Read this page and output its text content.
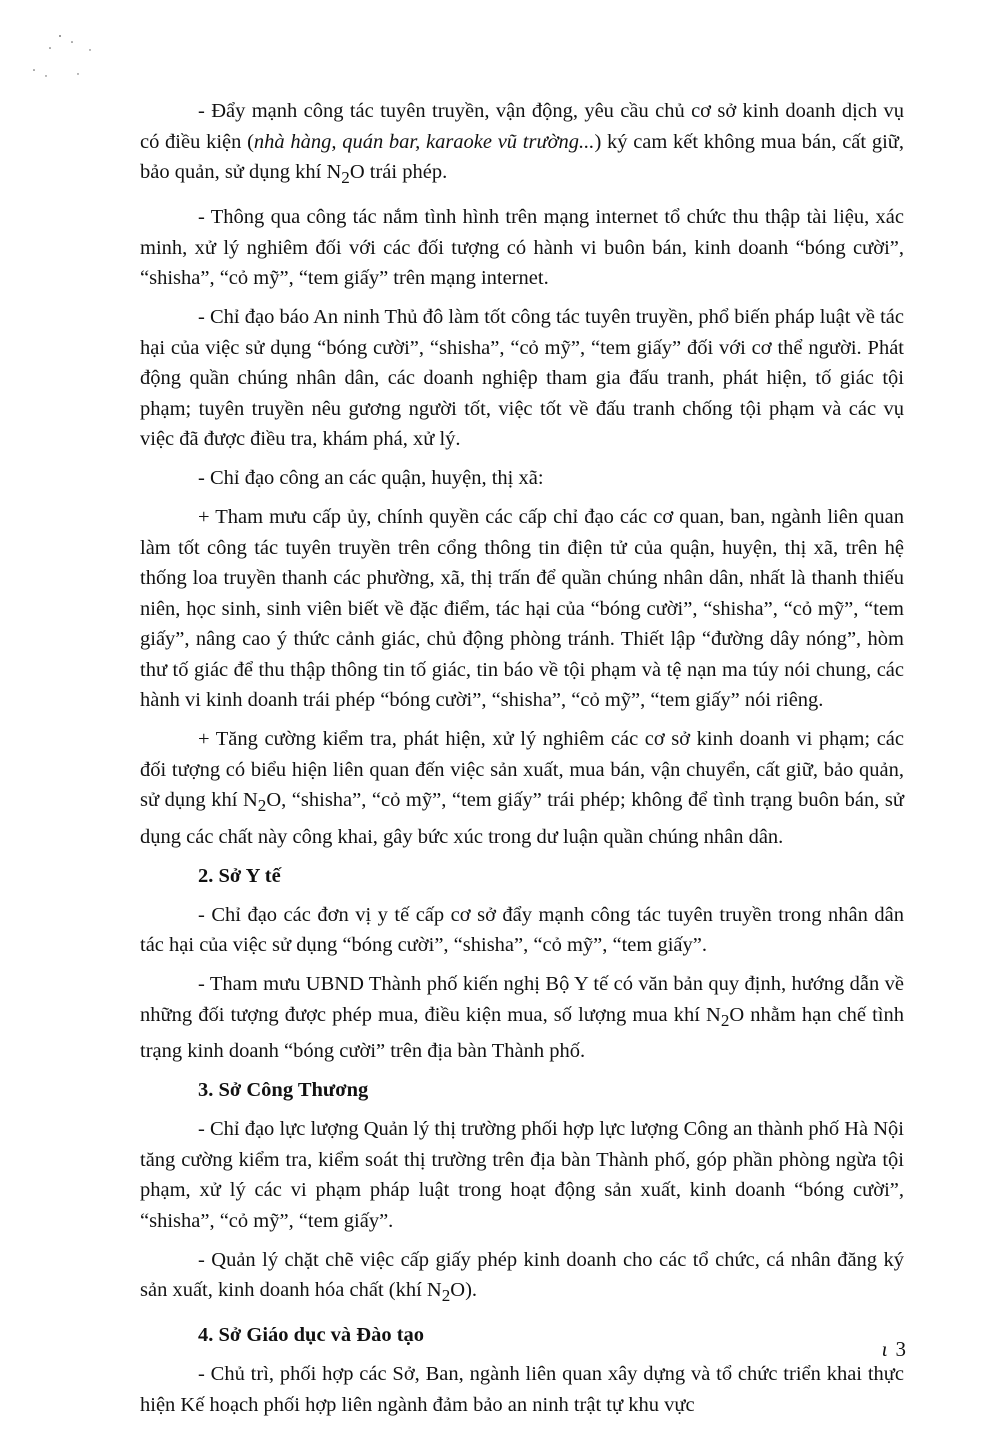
- Đẩy mạnh công tác tuyên truyền, vận động, yêu cầu chủ cơ sở kinh doanh dịch vụ có điều kiện (nhà hàng, quán bar, karaoke vũ trường...) ký cam kết không mua bán, cất giữ, bảo quản, sử dụng khí $N_2O$ trái phép.

- Thông qua công tác nắm tình hình trên mạng internet tổ chức thu thập tài liệu, xác minh, xử lý nghiêm đối với các đối tượng có hành vi buôn bán, kinh doanh “bóng cười”, “shisha”, “cỏ mỹ”, “tem giấy” trên mạng internet.

- Chỉ đạo báo An ninh Thủ đô làm tốt công tác tuyên truyền, phổ biến pháp luật về tác hại của việc sử dụng “bóng cười”, “shisha”, “cỏ mỹ”, “tem giấy” đối với cơ thể người. Phát động quần chúng nhân dân, các doanh nghiệp tham gia đấu tranh, phát hiện, tố giác tội phạm; tuyên truyền nêu gương người tốt, việc tốt về đấu tranh chống tội phạm và các vụ việc đã được điều tra, khám phá, xử lý.

- Chỉ đạo công an các quận, huyện, thị xã:

+ Tham mưu cấp ủy, chính quyền các cấp chỉ đạo các cơ quan, ban, ngành liên quan làm tốt công tác tuyên truyền trên cổng thông tin điện tử của quận, huyện, thị xã, trên hệ thống loa truyền thanh các phường, xã, thị trấn để quần chúng nhân dân, nhất là thanh thiếu niên, học sinh, sinh viên biết về đặc điểm, tác hại của “bóng cười”, “shisha”, “cỏ mỹ”, “tem giấy”, nâng cao ý thức cảnh giác, chủ động phòng tránh. Thiết lập “đường dây nóng”, hòm thư tố giác để thu thập thông tin tố giác, tin báo về tội phạm và tệ nạn ma túy nói chung, các hành vi kinh doanh trái phép “bóng cười”, “shisha”, “cỏ mỹ”, “tem giấy” nói riêng.

+ Tăng cường kiểm tra, phát hiện, xử lý nghiêm các cơ sở kinh doanh vi phạm; các đối tượng có biểu hiện liên quan đến việc sản xuất, mua bán, vận chuyển, cất giữ, bảo quản, sử dụng khí $N_2O$, “shisha”, “cỏ mỹ”, “tem giấy” trái phép; không để tình trạng buôn bán, sử dụng các chất này công khai, gây bức xúc trong dư luận quần chúng nhân dân.

2. Sở Y tế

- Chỉ đạo các đơn vị y tế cấp cơ sở đẩy mạnh công tác tuyên truyền trong nhân dân tác hại của việc sử dụng “bóng cười”, “shisha”, “cỏ mỹ”, “tem giấy”.

- Tham mưu UBND Thành phố kiến nghị Bộ Y tế có văn bản quy định, hướng dẫn về những đối tượng được phép mua, điều kiện mua, số lượng mua khí $N_2O$ nhằm hạn chế tình trạng kinh doanh “bóng cười” trên địa bàn Thành phố.

3. Sở Công Thương

- Chỉ đạo lực lượng Quản lý thị trường phối hợp lực lượng Công an thành phố Hà Nội tăng cường kiểm tra, kiểm soát thị trường trên địa bàn Thành phố, góp phần phòng ngừa tội phạm, xử lý các vi phạm pháp luật trong hoạt động sản xuất, kinh doanh “bóng cười”, “shisha”, “cỏ mỹ”, “tem giấy”.

- Quản lý chặt chẽ việc cấp giấy phép kinh doanh cho các tổ chức, cá nhân đăng ký sản xuất, kinh doanh hóa chất (khí $N_2O$).

4. Sở Giáo dục và Đào tạo

- Chủ trì, phối hợp các Sở, Ban, ngành liên quan xây dựng và tổ chức triển khai thực hiện Kế hoạch phối hợp liên ngành đảm bảo an ninh trật tự khu vực

ɩ 3
